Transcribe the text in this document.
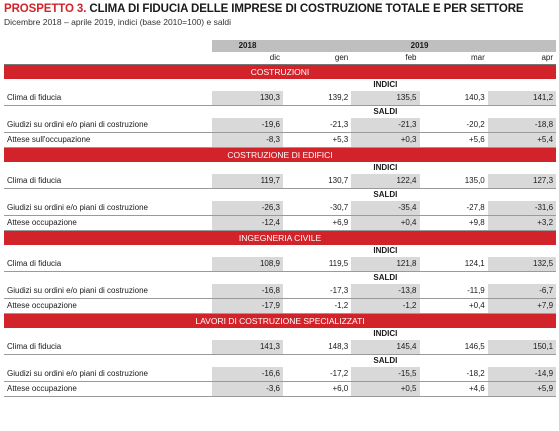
PROSPETTO 3. CLIMA DI FIDUCIA DELLE IMPRESE DI COSTRUZIONE TOTALE E PER SETTORE
Dicembre 2018 – aprile 2019, indici (base 2010=100) e saldi
	2018	2019			
	dic	gen	feb	mar	apr
COSTRUZIONI					
		INDICI			
Clima di fiducia	130,3	139,2	135,5	140,3	141,2
		SALDI			
Giudizi su ordini e/o piani di costruzione	-19,6	-21,3	-21,3	-20,2	-18,8
Attese sull'occupazione	-8,3	+5,3	+0,3	+5,6	+5,4
COSTRUZIONE DI EDIFICI					
		INDICI			
Clima di fiducia	119,7	130,7	122,4	135,0	127,3
		SALDI			
Giudizi su ordini e/o piani di costruzione	-26,3	-30,7	-35,4	-27,8	-31,6
Attese occupazione	-12,4	+6,9	+0,4	+9,8	+3,2
INGEGNERIA CIVILE					
		INDICI			
Clima di fiducia	108,9	119,5	121,8	124,1	132,5
		SALDI			
Giudizi su ordini e/o piani di costruzione	-16,8	-17,3	-13,8	-11,9	-6,7
Attese occupazione	-17,9	-1,2	-1,2	+0,4	+7,9
LAVORI DI COSTRUZIONE SPECIALIZZATI					
		INDICI			
Clima di fiducia	141,3	148,3	145,4	146,5	150,1
		SALDI			
Giudizi su ordini e/o piani di costruzione	-16,6	-17,2	-15,5	-18,2	-14,9
Attese occupazione	-3,6	+6,0	+0,5	+4,6	+5,9
